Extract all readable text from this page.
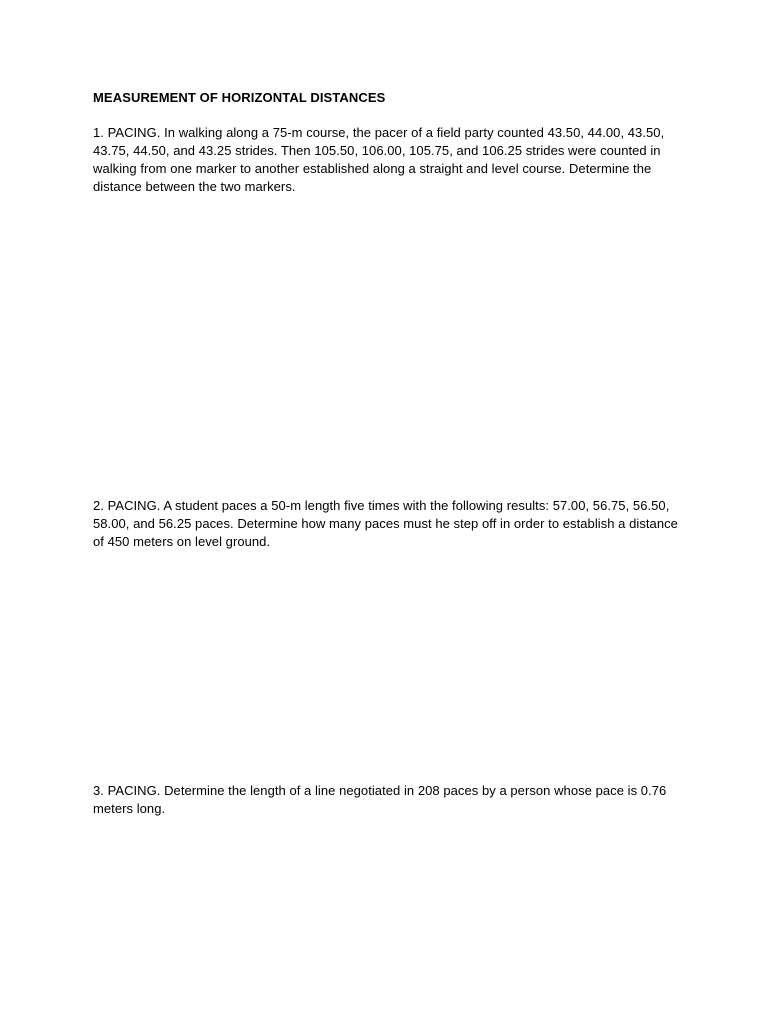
MEASUREMENT OF HORIZONTAL DISTANCES

1. PACING. In walking along a 75-m course, the pacer of a field party counted 43.50, 44.00, 43.50, 43.75, 44.50, and 43.25 strides. Then 105.50, 106.00, 105.75, and 106.25 strides were counted in walking from one marker to another established along a straight and level course. Determine the distance between the two markers.

2. PACING. A student paces a 50-m length five times with the following results: 57.00, 56.75, 56.50, 58.00, and 56.25 paces. Determine how many paces must he step off in order to establish a distance of 450 meters on level ground.

3. PACING. Determine the length of a line negotiated in 208 paces by a person whose pace is 0.76 meters long.
